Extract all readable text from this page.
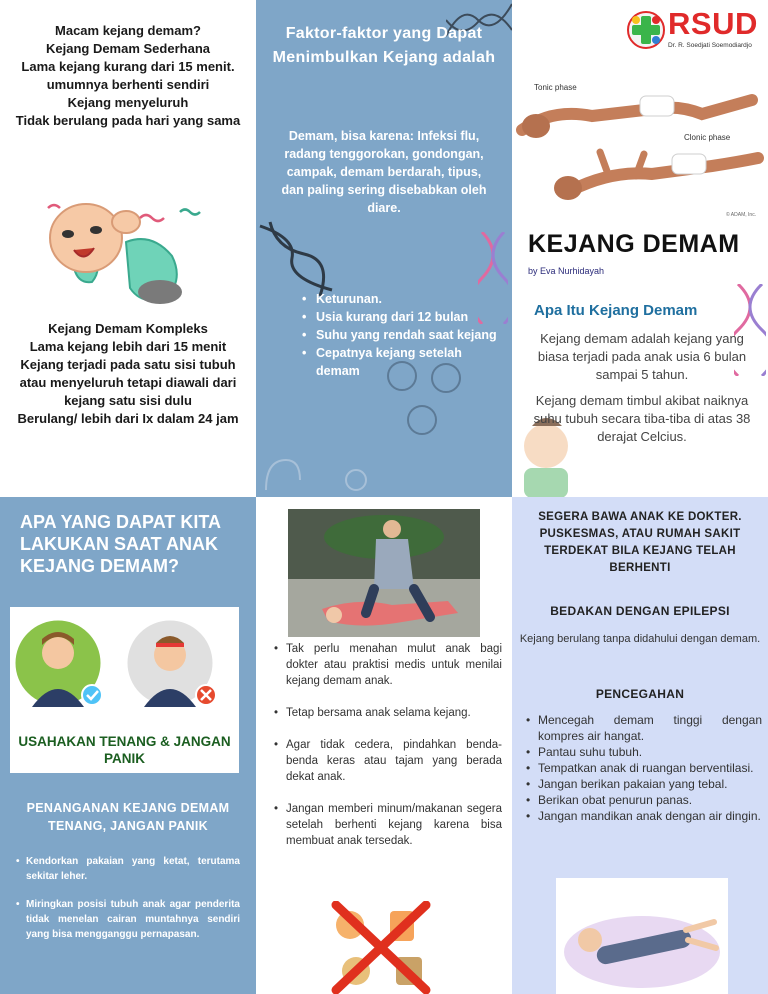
Macam kejang demam?
Kejang Demam Sederhana
Lama kejang kurang dari 15 menit. umumnya berhenti sendiri
Kejang menyeluruh
Tidak berulang pada hari yang sama
Kejang Demam Kompleks
Lama kejang lebih dari 15 menit
Kejang terjadi pada satu sisi tubuh atau menyeluruh tetapi diawali dari kejang satu sisi dulu
Berulang/ lebih dari Ix dalam 24 jam
Faktor-faktor yang Dapat Menimbulkan Kejang adalah
Demam, bisa karena: Infeksi flu, radang tenggorokan, gondongan, campak, demam berdarah, tipus, dan paling sering disebabkan oleh diare.
• Keturunan.
• Usia kurang dari 12 bulan
• Suhu yang rendah saat kejang
• Cepatnya kejang setelah demam
Tonic phase
Clonic phase
© ADAM, Inc.
KEJANG DEMAM
by Eva Nurhidayah
Apa Itu Kejang Demam
Kejang demam adalah kejang yang biasa terjadi pada anak usia 6 bulan sampai 5 tahun.
Kejang demam timbul akibat naiknya suhu tubuh secara tiba-tiba di atas 38 derajat Celcius.
RSUD
Dr. R. Soedjati Soemodiardjo
APA YANG DAPAT KITA LAKUKAN SAAT ANAK KEJANG DEMAM?
USAHAKAN TENANG & JANGAN PANIK
PENANGANAN KEJANG DEMAM TENANG, JANGAN PANIK
• Kendorkan pakaian yang ketat, terutama sekitar leher.
• Miringkan posisi tubuh anak agar penderita tidak menelan cairan muntahnya sendiri yang bisa mengganggu pernapasan.
• Tak perlu menahan mulut anak bagi dokter atau praktisi medis untuk menilai kejang demam anak.
• Tetap bersama anak selama kejang.
• Agar tidak cedera, pindahkan benda-benda keras atau tajam yang berada dekat anak.
• Jangan memberi minum/makanan segera setelah berhenti kejang karena bisa membuat anak tersedak.
SEGERA BAWA ANAK KE DOKTER. PUSKESMAS, ATAU RUMAH SAKIT TERDEKAT BILA KEJANG TELAH BERHENTI
BEDAKAN DENGAN EPILEPSI
Kejang berulang tanpa didahului dengan demam.
PENCEGAHAN
• Mencegah demam tinggi dengan kompres air hangat.
• Pantau suhu tubuh.
• Tempatkan anak di ruangan berventilasi.
• Jangan berikan pakaian yang tebal.
• Berikan obat penurun panas.
• Jangan mandikan anak dengan air dingin.
